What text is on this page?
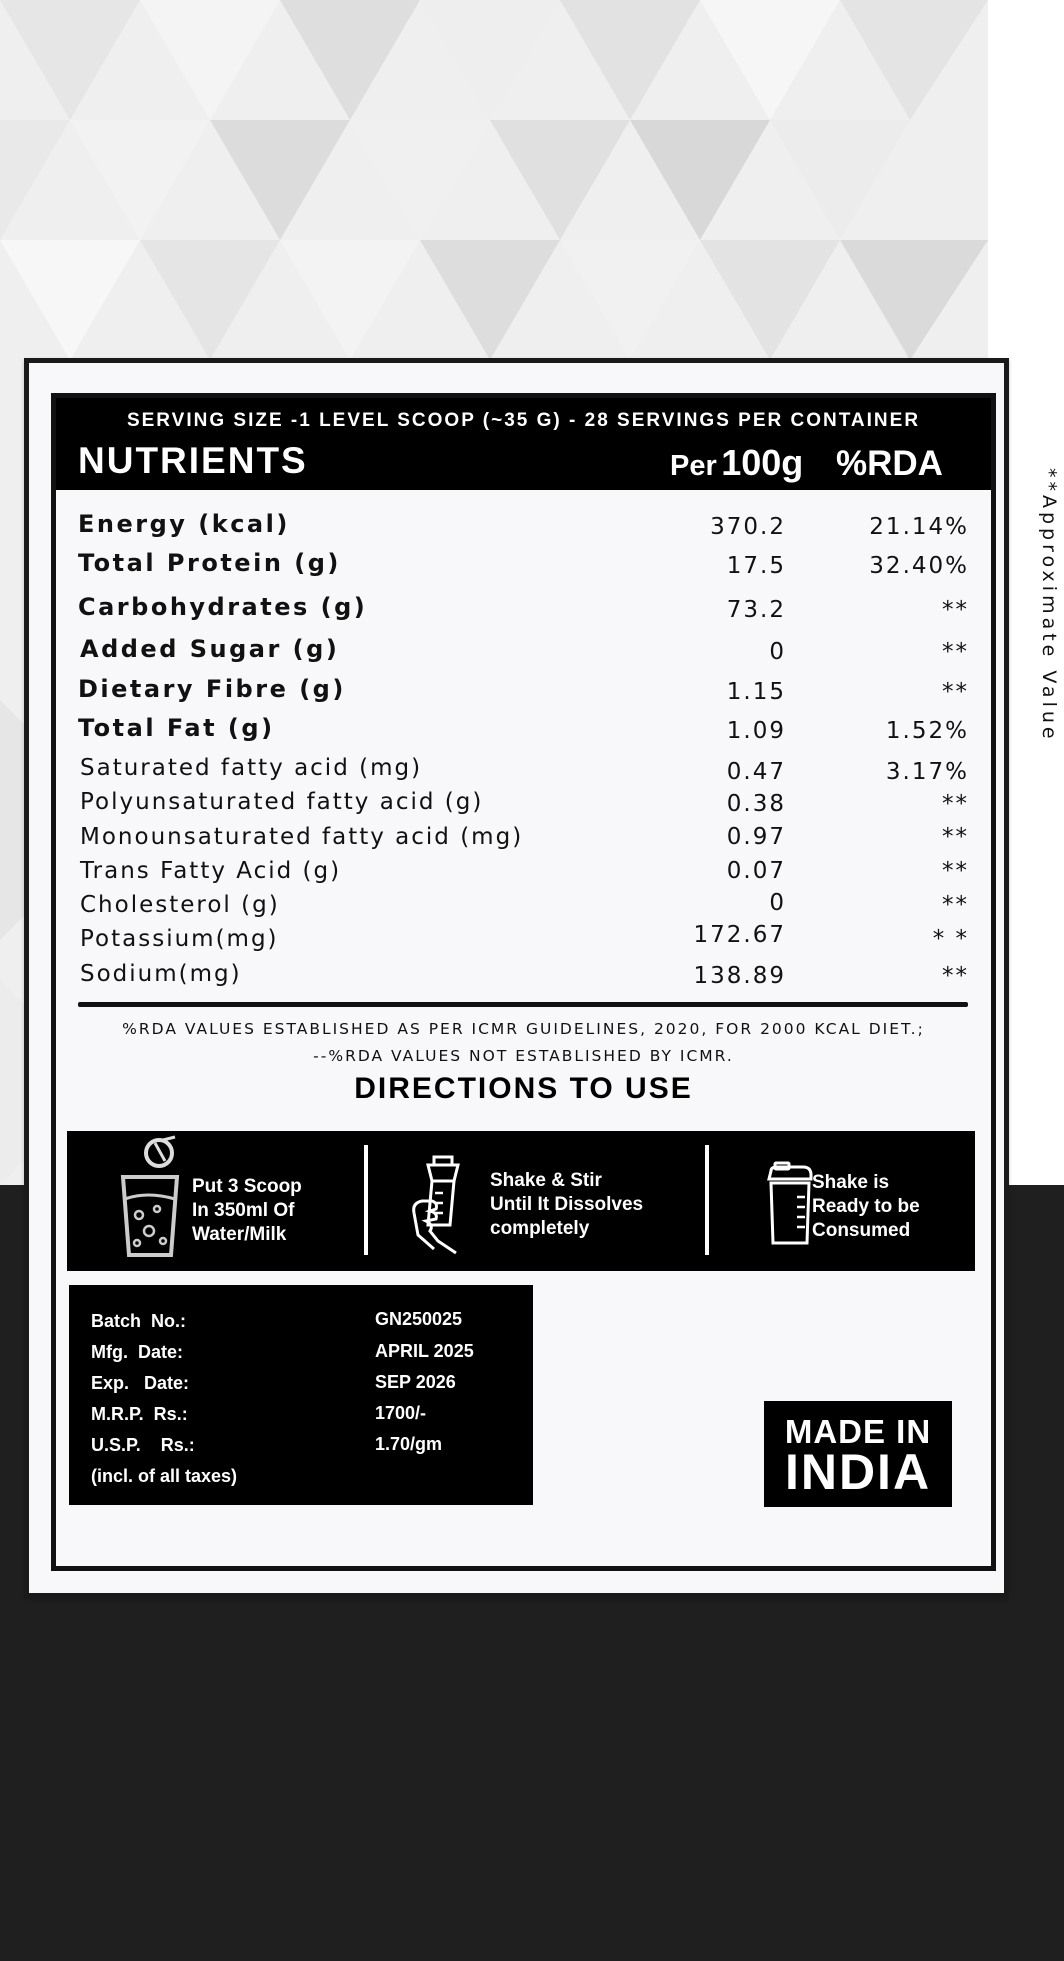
**Approximate Value
SERVING SIZE -1 LEVEL SCOOP (~35 G) - 28 SERVINGS PER CONTAINER
NUTRIENTS	Per 100g %RDA
Energy (kcal)	370.2	21.14%
Total Protein (g)	17.5	32.40%
Carbohydrates (g)	73.2	**
Added Sugar (g)	0	**
Dietary Fibre (g)	1.15	**
Total Fat (g)	1.09	1.52%
Saturated fatty acid (mg)	0.47	3.17%
Polyunsaturated fatty acid (g)	0.38	**
Monounsaturated fatty acid (mg)	0.97	**
Trans Fatty Acid (g)	0.07	**
Cholesterol (g)	0	**
Potassium(mg)	172.67	* *
Sodium(mg)	138.89	**
%RDA VALUES ESTABLISHED AS PER ICMR GUIDELINES, 2020, FOR 2000 KCAL DIET.;
--%RDA VALUES NOT ESTABLISHED BY ICMR.
DIRECTIONS TO USE
Put 3 Scoop
In 350ml Of
Water/Milk
Shake & Stir
Until It Dissolves
completely
Shake is
Ready to be
Consumed
Batch  No.:	GN250025
Mfg.  Date:	APRIL 2025
Exp.   Date:	SEP 2026
M.R.P.  Rs.:	1700/-
U.S.P.    Rs.:	1.70/gm
(incl. of all taxes)
MADE IN
INDIA
